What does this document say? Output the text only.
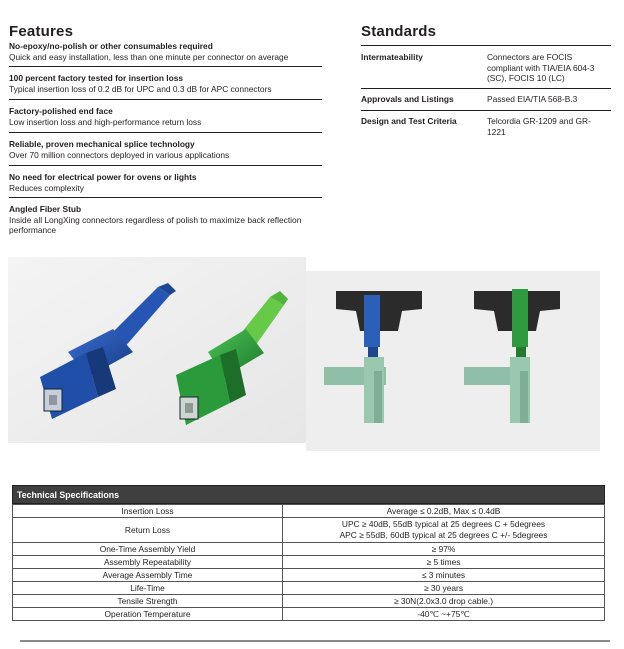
Features
No-epoxy/no-polish or other consumables required
Quick and easy installation, less than one minute per connector on average
100 percent factory tested for insertion loss
Typical insertion loss of 0.2 dB for UPC and 0.3 dB for APC connectors
Factory-polished end face
Low insertion loss and high-performance return loss
Reliable, proven mechanical splice technology
Over 70 million connectors deployed in various applications
No need for electrical power for ovens or lights
Reduces complexity
Angled Fiber Stub
Inside all LongXing connectors regardless of polish to maximize back reflection performance
Standards
Intermateability	Connectors are FOCIS compliant with TIA/EIA 604-3 (SC), FOCIS 10 (LC)
Approvals and Listings	Passed EIA/TIA 568-B.3
Design and Test Criteria	Telcordia GR-1209 and GR-1221
Technical Specifications
Insertion Loss	Average ≤ 0.2dB, Max ≤ 0.4dB
Return Loss	UPC ≥ 40dB, 55dB typical at 25 degrees C + 5degrees
APC ≥ 55dB, 60dB typical at 25 degrees C +/- 5degrees

One-Time Assembly Yield	≥ 97%
Assembly Repeatability	≥ 5 times
Average Assembly Time	≤ 3 minutes
Life-Time	≥ 30 years
Tensile Strength	≥ 30N(2.0x3.0 drop cable.)
Operation Temperature	-40℃ ~+75℃
